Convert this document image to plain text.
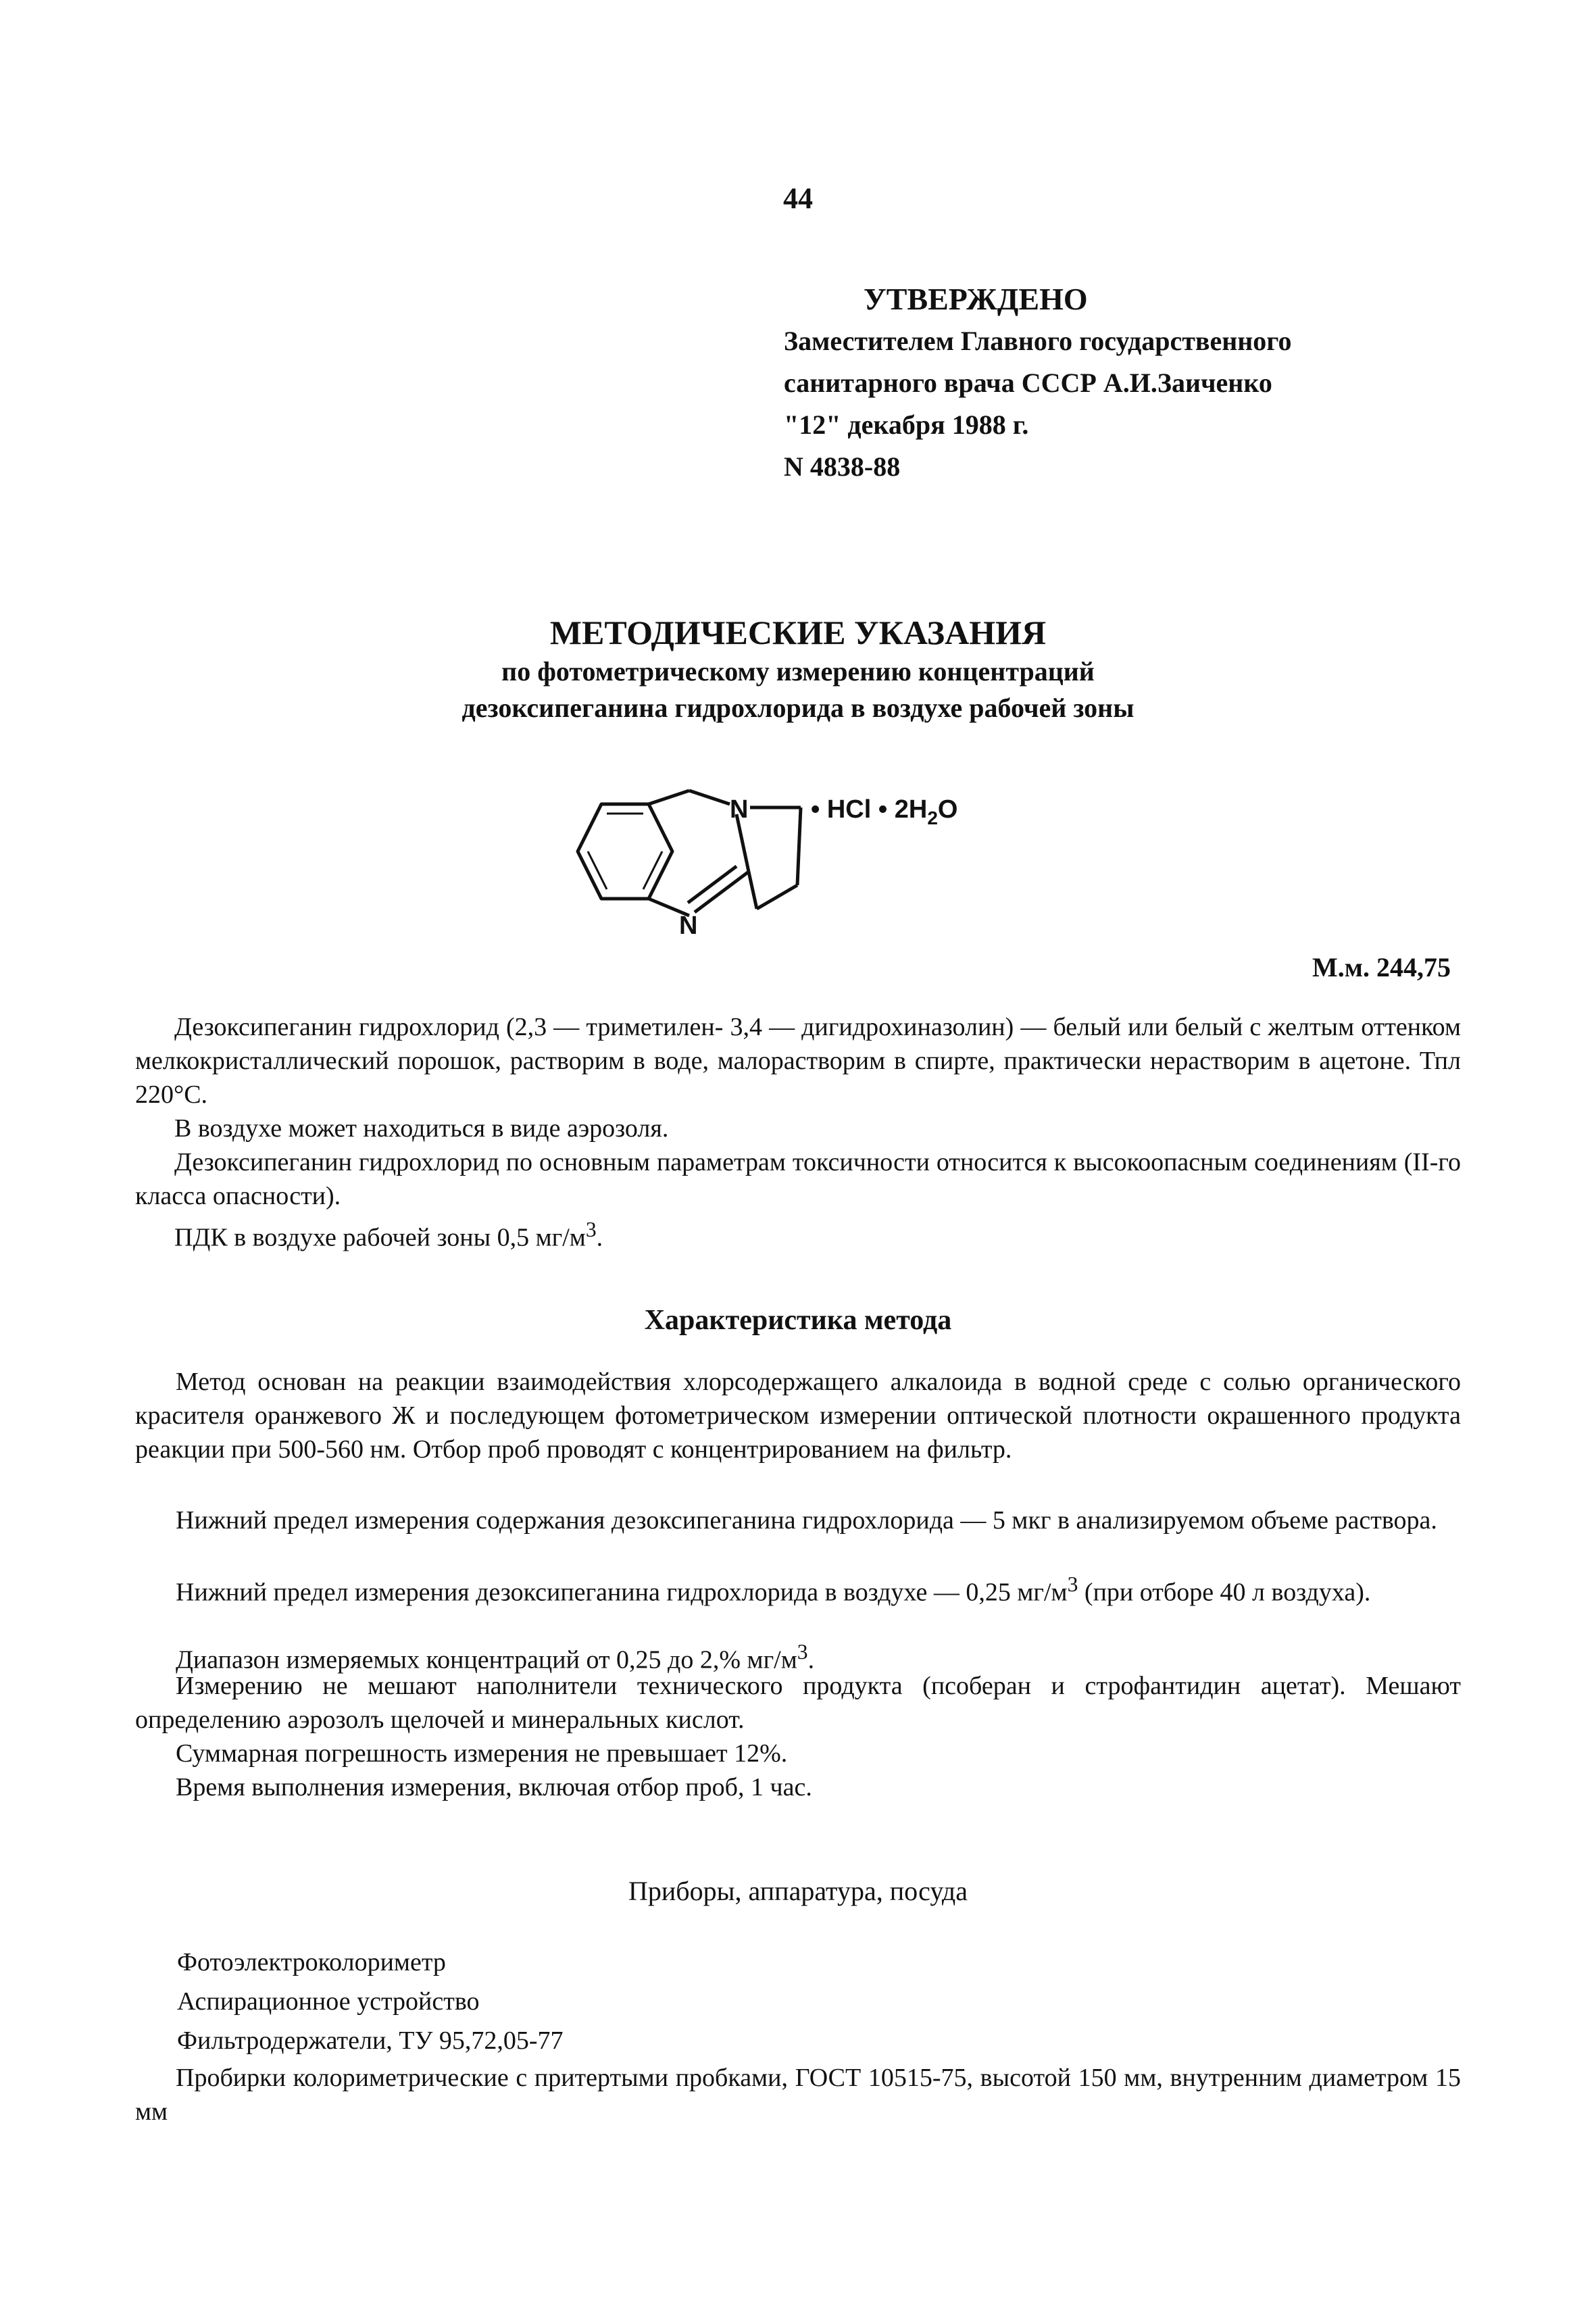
44
УТВЕРЖДЕНО
Заместителем Главного государственного
санитарного врача СССР А.И.Заиченко
"12" декабря 1988 г.
N 4838-88
МЕТОДИЧЕСКИЕ УКАЗАНИЯ
по фотометрическому измерению концентраций
дезоксипеганина гидрохлорида в воздухе рабочей зоны
N
N
• HCl • $2H_2O$
М.м. 244,75
Дезоксипеганин гидрохлорид (2,3 — триметилен- 3,4 — дигидрохиназолин) — белый или белый с желтым оттенком мелкокристаллический порошок, растворим в воде, малорастворим в спирте, практически нерастворим в ацетоне. Тпл 220°С.
В воздухе может находиться в виде аэрозоля.
Дезоксипеганин гидрохлорид по основным параметрам токсичности относится к высокоопасным соединениям (II-го класса опасности).
ПДК в воздухе рабочей зоны 0,5 $мг/м^3$.
Характеристика метода
Метод основан на реакции взаимодействия хлорсодержащего алкалоида в водной среде с солью органического красителя оранжевого Ж и последующем фотометрическом измерении оптической плотности окрашенного продукта реакции при 500-560 нм. Отбор проб проводят с концентрированием на фильтр.
Нижний предел измерения содержания дезоксипеганина гидрохлорида — 5 мкг в анализируемом объеме раствора.
Нижний предел измерения дезоксипеганина гидрохлорида в воздухе — 0,25 $мг/м^3$ (при отборе 40 л воздуха).
Диапазон измеряемых концентраций от 0,25 до 2,% $мг/м^3$.
Измерению не мешают наполнители технического продукта (псоберан и строфантидин ацетат). Мешают определению аэрозолъ щелочей и минеральных кислот.
Суммарная погрешность измерения не превышает 12%.
Время выполнения измерения, включая отбор проб, 1 час.
Приборы, аппаратура, посуда
Фотоэлектроколориметр
Аспирационное устройство
Фильтродержатели, ТУ 95,72,05-77
Пробирки колориметрические с притертыми пробками, ГОСТ 10515-75, высотой 150 мм, внутренним диаметром 15 мм
